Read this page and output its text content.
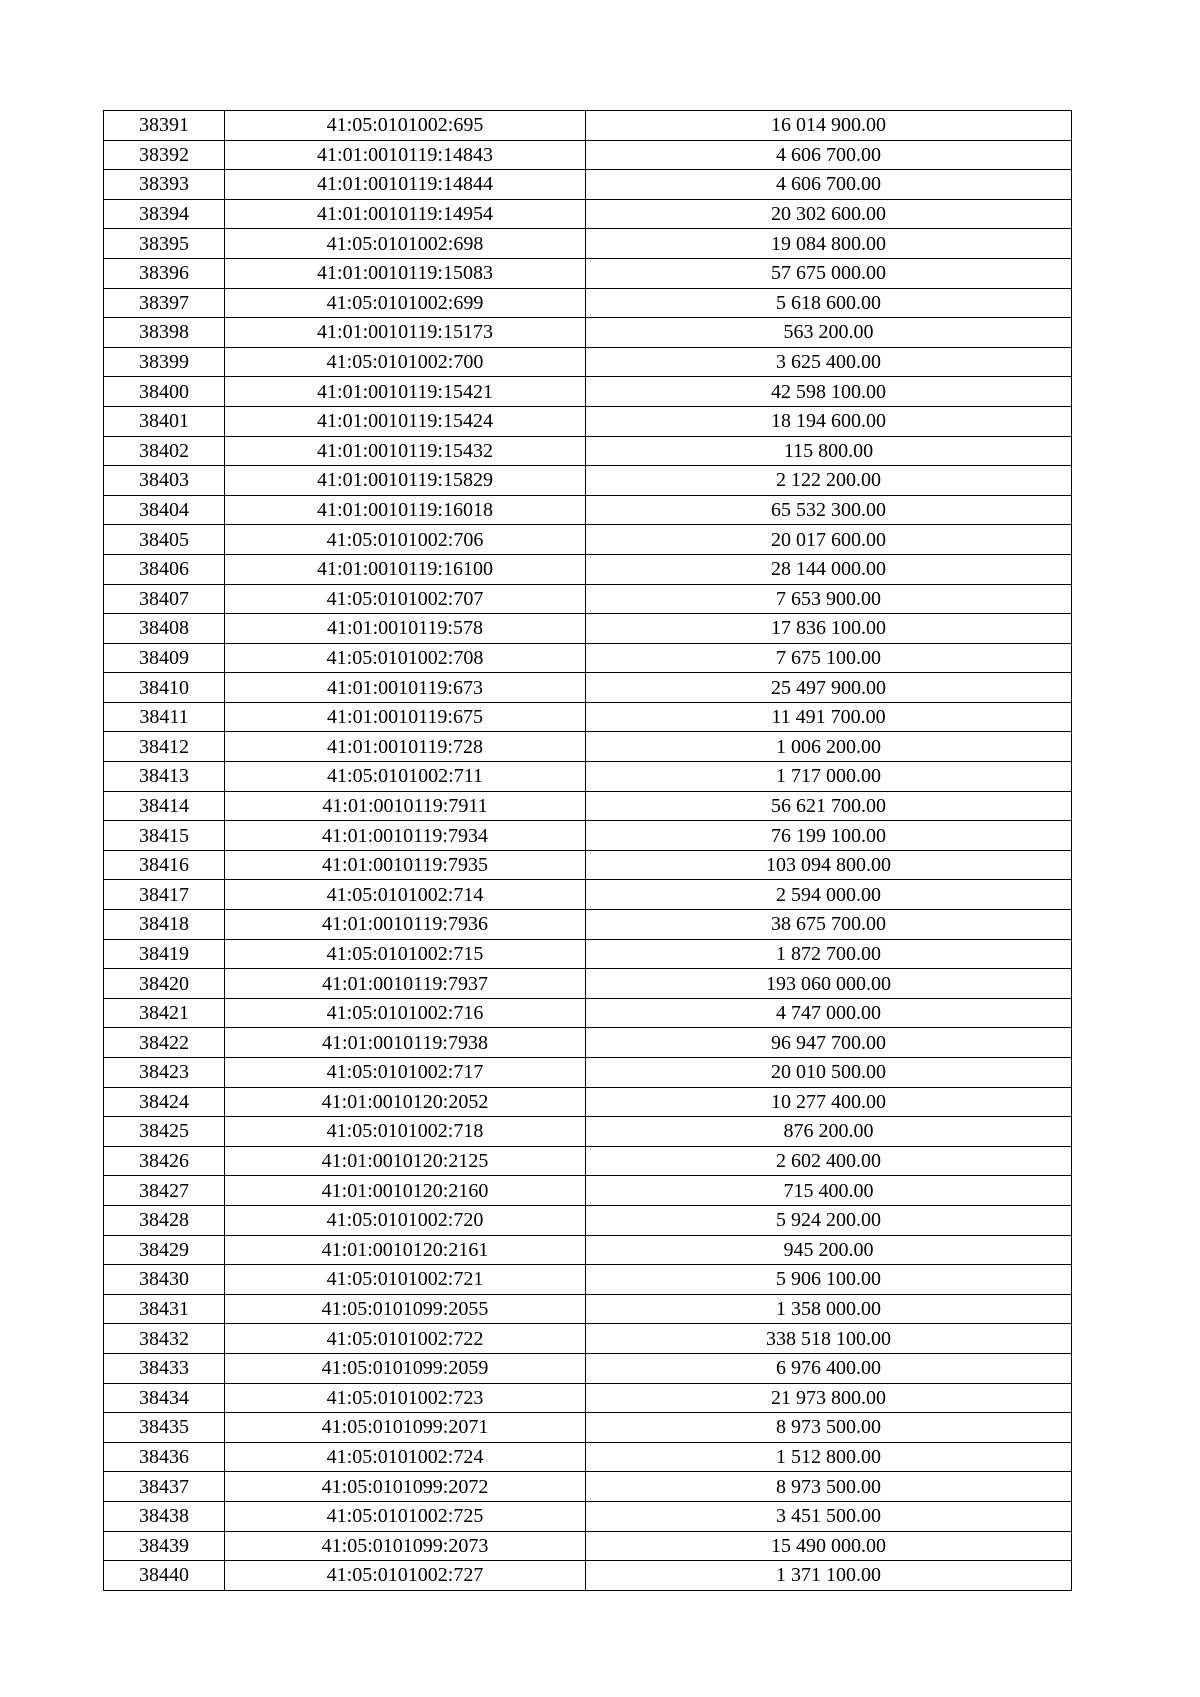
38391	41:05:0101002:695	16 014 900.00
38392	41:01:0010119:14843	4 606 700.00
38393	41:01:0010119:14844	4 606 700.00
38394	41:01:0010119:14954	20 302 600.00
38395	41:05:0101002:698	19 084 800.00
38396	41:01:0010119:15083	57 675 000.00
38397	41:05:0101002:699	5 618 600.00
38398	41:01:0010119:15173	563 200.00
38399	41:05:0101002:700	3 625 400.00
38400	41:01:0010119:15421	42 598 100.00
38401	41:01:0010119:15424	18 194 600.00
38402	41:01:0010119:15432	115 800.00
38403	41:01:0010119:15829	2 122 200.00
38404	41:01:0010119:16018	65 532 300.00
38405	41:05:0101002:706	20 017 600.00
38406	41:01:0010119:16100	28 144 000.00
38407	41:05:0101002:707	7 653 900.00
38408	41:01:0010119:578	17 836 100.00
38409	41:05:0101002:708	7 675 100.00
38410	41:01:0010119:673	25 497 900.00
38411	41:01:0010119:675	11 491 700.00
38412	41:01:0010119:728	1 006 200.00
38413	41:05:0101002:711	1 717 000.00
38414	41:01:0010119:7911	56 621 700.00
38415	41:01:0010119:7934	76 199 100.00
38416	41:01:0010119:7935	103 094 800.00
38417	41:05:0101002:714	2 594 000.00
38418	41:01:0010119:7936	38 675 700.00
38419	41:05:0101002:715	1 872 700.00
38420	41:01:0010119:7937	193 060 000.00
38421	41:05:0101002:716	4 747 000.00
38422	41:01:0010119:7938	96 947 700.00
38423	41:05:0101002:717	20 010 500.00
38424	41:01:0010120:2052	10 277 400.00
38425	41:05:0101002:718	876 200.00
38426	41:01:0010120:2125	2 602 400.00
38427	41:01:0010120:2160	715 400.00
38428	41:05:0101002:720	5 924 200.00
38429	41:01:0010120:2161	945 200.00
38430	41:05:0101002:721	5 906 100.00
38431	41:05:0101099:2055	1 358 000.00
38432	41:05:0101002:722	338 518 100.00
38433	41:05:0101099:2059	6 976 400.00
38434	41:05:0101002:723	21 973 800.00
38435	41:05:0101099:2071	8 973 500.00
38436	41:05:0101002:724	1 512 800.00
38437	41:05:0101099:2072	8 973 500.00
38438	41:05:0101002:725	3 451 500.00
38439	41:05:0101099:2073	15 490 000.00
38440	41:05:0101002:727	1 371 100.00
